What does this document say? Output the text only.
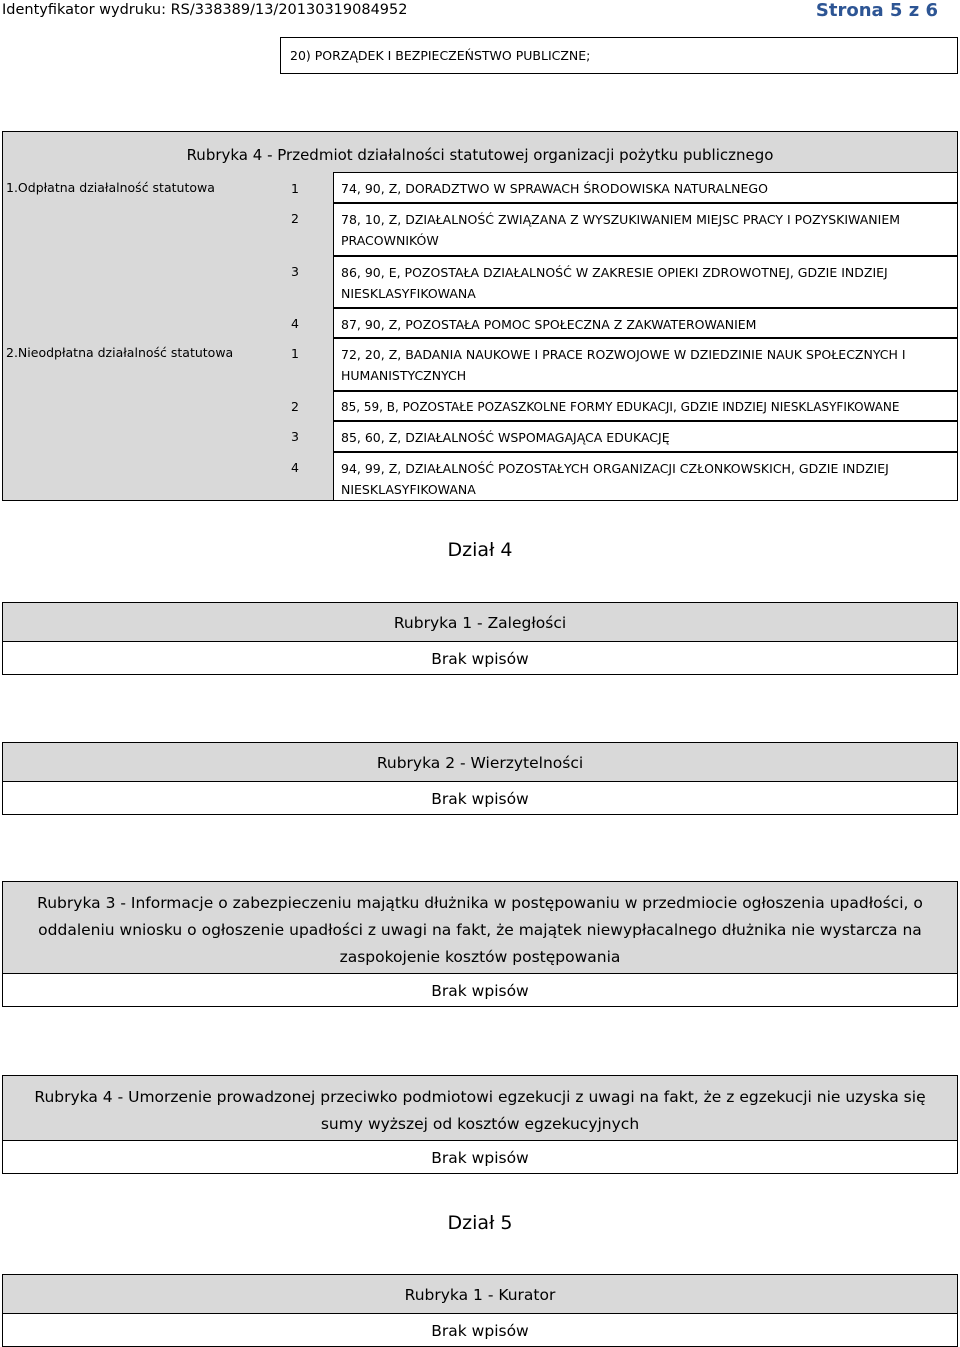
Identyfikator wydruku: RS/338389/13/20130319084952	Strona 5 z 6
20) PORZĄDEK I BEZPIECZEŃSTWO PUBLICZNE;
Rubryka 4 - Przedmiot działalności statutowej organizacji pożytku publicznego
1.Odpłatna działalność statutowa
2.Nieodpłatna działalność statutowa
1
2
3
4
1
2
3
4
74, 90, Z, DORADZTWO W SPRAWACH ŚRODOWISKA NATURALNEGO
78, 10, Z, DZIAŁALNOŚĆ ZWIĄZANA Z WYSZUKIWANIEM MIEJSC PRACY I POZYSKIWANIEM PRACOWNIKÓW
86, 90, E, POZOSTAŁA DZIAŁALNOŚĆ W ZAKRESIE OPIEKI ZDROWOTNEJ, GDZIE INDZIEJ NIESKLASYFIKOWANA
87, 90, Z, POZOSTAŁA POMOC SPOŁECZNA Z ZAKWATEROWANIEM
72, 20, Z, BADANIA NAUKOWE I PRACE ROZWOJOWE W DZIEDZINIE NAUK SPOŁECZNYCH I HUMANISTYCZNYCH
85, 59, B, POZOSTAŁE POZASZKOLNE FORMY EDUKACJI, GDZIE INDZIEJ NIESKLASYFIKOWANE
85, 60, Z, DZIAŁALNOŚĆ WSPOMAGAJĄCA EDUKACJĘ
94, 99, Z, DZIAŁALNOŚĆ POZOSTAŁYCH ORGANIZACJI CZŁONKOWSKICH, GDZIE INDZIEJ NIESKLASYFIKOWANA
Dział 4
Rubryka 1 - Zaległości
Brak wpisów
Rubryka 2 - Wierzytelności
Brak wpisów
Rubryka 3 - Informacje o zabezpieczeniu majątku dłużnika w postępowaniu w przedmiocie ogłoszenia upadłości, o oddaleniu wniosku o ogłoszenie upadłości z uwagi na fakt, że majątek niewypłacalnego dłużnika nie wystarcza na zaspokojenie kosztów postępowania
Brak wpisów
Rubryka 4 - Umorzenie prowadzonej przeciwko podmiotowi egzekucji z uwagi na fakt, że z egzekucji nie uzyska się sumy wyższej od kosztów egzekucyjnych
Brak wpisów
Dział 5
Rubryka 1 - Kurator
Brak wpisów
